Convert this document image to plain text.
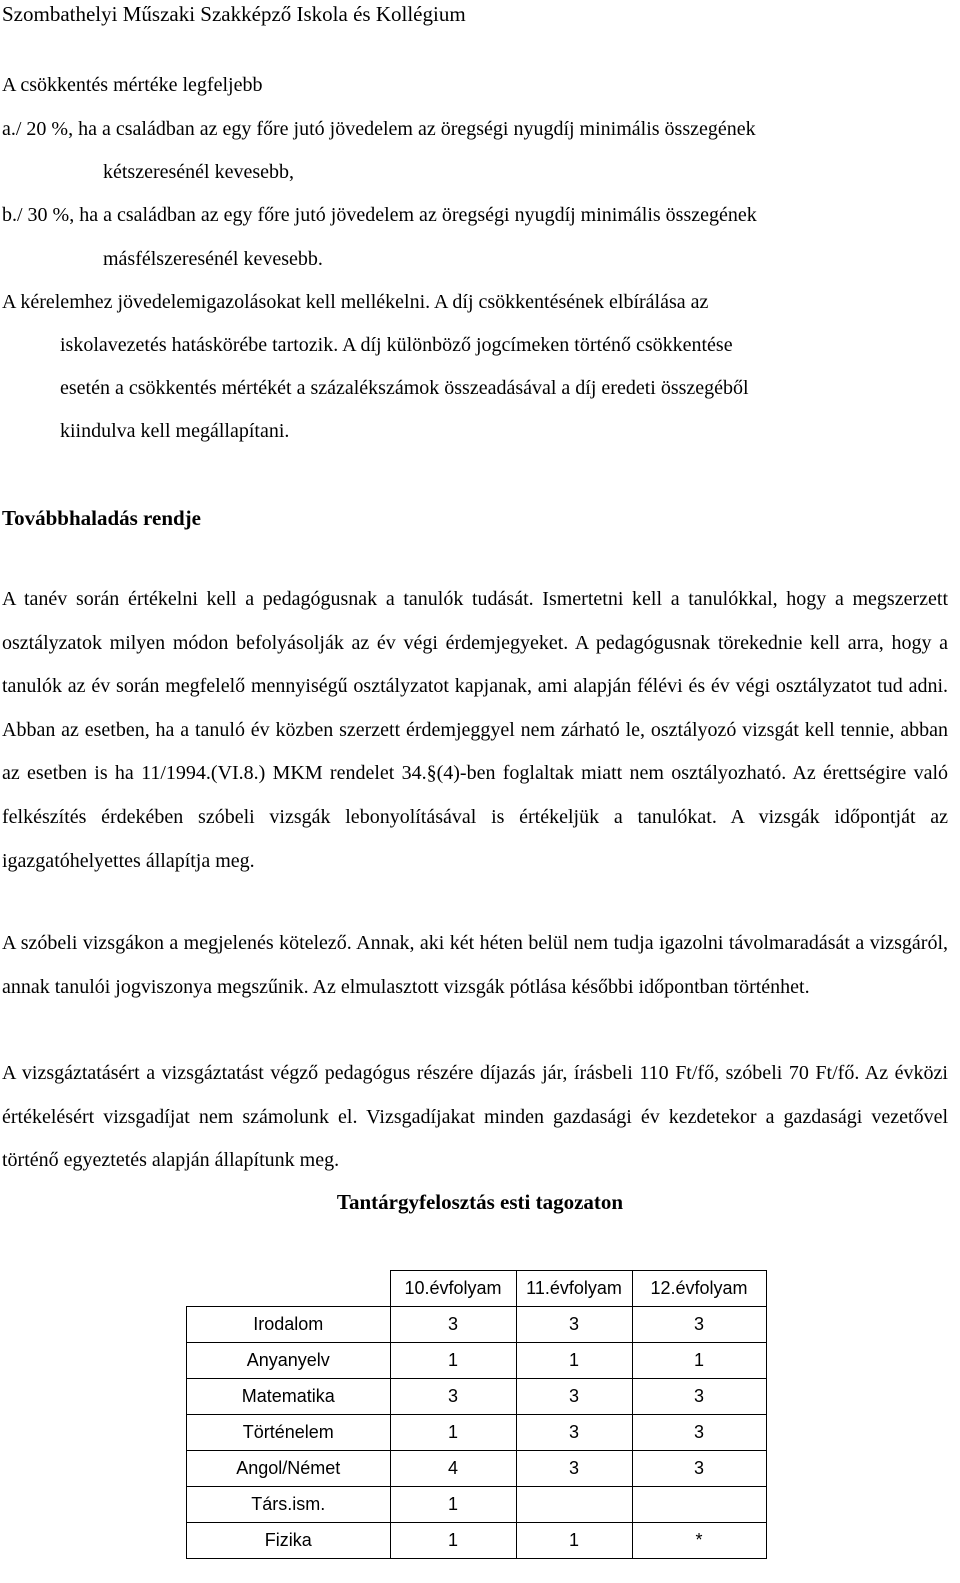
Szombathelyi Műszaki Szakképző Iskola és Kollégium
A csökkentés mértéke legfeljebb
a./ 20 %, ha a családban az egy főre jutó jövedelem az öregségi nyugdíj minimális összegének
kétszeresénél kevesebb,
b./ 30 %, ha a családban az egy főre jutó jövedelem az öregségi nyugdíj minimális összegének
másfélszeresénél kevesebb.
A kérelemhez jövedelemigazolásokat kell mellékelni. A díj csökkentésének elbírálása az
iskolavezetés hatáskörébe tartozik. A díj különböző jogcímeken történő csökkentése
esetén a csökkentés mértékét a százalékszámok összeadásával a díj eredeti összegéből
kiindulva kell megállapítani.
Továbbhaladás rendje
A tanév során értékelni kell a pedagógusnak a tanulók tudását. Ismertetni kell a tanulókkal, hogy a megszerzett osztályzatok milyen módon befolyásolják az év végi érdemjegyeket. A pedagógusnak törekednie kell arra, hogy a tanulók az év során megfelelő mennyiségű osztályzatot kapjanak, ami alapján félévi és év végi osztályzatot tud adni. Abban az esetben, ha a tanuló év közben szerzett érdemjeggyel nem zárható le, osztályozó vizsgát kell tennie, abban az esetben is ha 11/1994.(VI.8.) MKM rendelet 34.§(4)-ben foglaltak miatt nem osztályozható. Az érettségire való felkészítés érdekében szóbeli vizsgák lebonyolításával is értékeljük a tanulókat. A vizsgák időpontját az igazgatóhelyettes állapítja meg.
A szóbeli vizsgákon a megjelenés kötelező. Annak, aki két héten belül nem tudja igazolni távolmaradását a vizsgáról, annak tanulói jogviszonya megszűnik. Az elmulasztott vizsgák pótlása későbbi időpontban történhet.
A vizsgáztatásért a vizsgáztatást végző pedagógus részére díjazás jár, írásbeli 110 Ft/fő, szóbeli 70 Ft/fő. Az évközi értékelésért vizsgadíjat nem számolunk el. Vizsgadíjakat minden gazdasági év kezdetekor a gazdasági vezetővel történő egyeztetés alapján állapítunk meg.
Tantárgyfelosztás esti tagozaton
	10.évfolyam	11.évfolyam	12.évfolyam
Irodalom	3	3	3
Anyanyelv	1	1	1
Matematika	3	3	3
Történelem	1	3	3
Angol/Német	4	3	3
Társ.ism.	1		
Fizika	1	1	*
